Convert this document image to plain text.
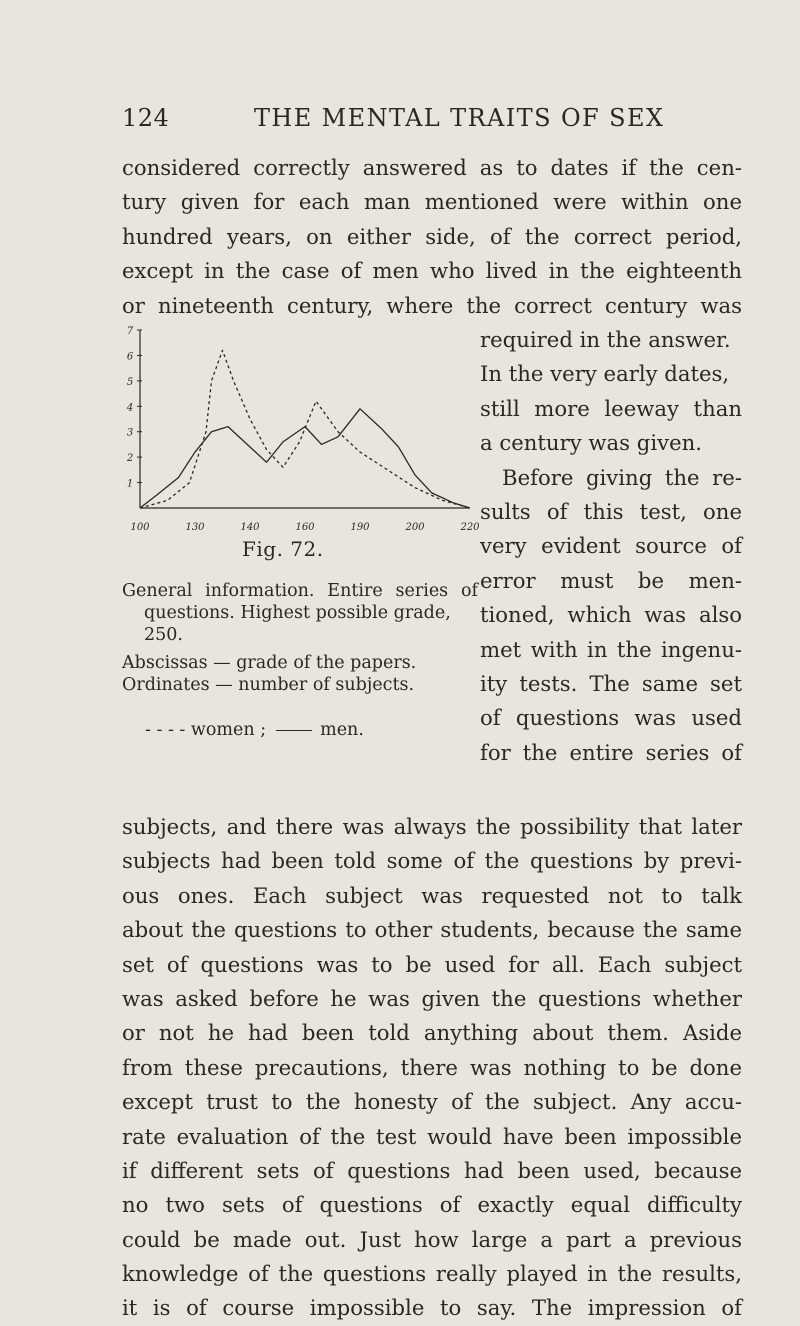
124	THE MENTAL TRAITS OF SEX
considered correctly answered as to dates if the cen-
tury given for each man mentioned were within one
hundred years, on either side, of the correct period,
except in the case of men who lived in the eighteenth
or nineteenth century, where the correct century was
required in the answer.
In the very early dates,
still more leeway than
a century was given.
Before giving the re-
sults of this test, one
very evident source of
error must be men-
tioned, which was also
met with in the ingenu-
ity tests. The same set
of questions was used
for the entire series of
1
2
3
4
5
6
7
100	130	140	160	190	200	220
Fig. 72.
General information. Entire series of
questions. Highest possible grade,
250.
Abscissas — grade of the papers.
Ordinates — number of subjects.
- - - - women ;	men.
subjects, and there was always the possibility that later
subjects had been told some of the questions by previ-
ous ones. Each subject was requested not to talk
about the questions to other students, because the same
set of questions was to be used for all. Each subject
was asked before he was given the questions whether
or not he had been told anything about them. Aside
from these precautions, there was nothing to be done
except trust to the honesty of the subject. Any accu-
rate evaluation of the test would have been impossible
if different sets of questions had been used, because
no two sets of questions of exactly equal difficulty
could be made out. Just how large a part a previous
knowledge of the questions really played in the results,
it is of course impossible to say. The impression of
